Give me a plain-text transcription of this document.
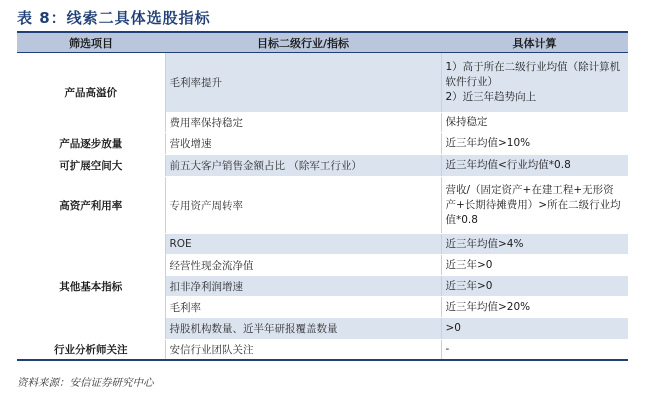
表 8：线索二具体选股指标
筛选项目	目标二级行业/指标	具体计算
产品高溢价	毛利率提升	1）高于所在二级行业均值（除计算机软件行业）
2）近三年趋势向上

	费用率保持稳定	保持稳定
产品逐步放量	营收增速	近三年均值>10%
可扩展空间大	前五大客户销售金额占比 （除军工行业）	近三年均值<行业均值*0.8
高资产利用率	专用资产周转率	营收/（固定资产+在建工程+无形资产+长期待摊费用）>所在二级行业均值*0.8
其他基本指标	ROE	近三年均值>4%
	经营性现金流净值	近三年>0
	扣非净利润增速	近三年>0
	毛利率	近三年均值>20%
	持股机构数量、近半年研报覆盖数量	>0
行业分析师关注	安信行业团队关注	-
资料来源：安信证券研究中心
